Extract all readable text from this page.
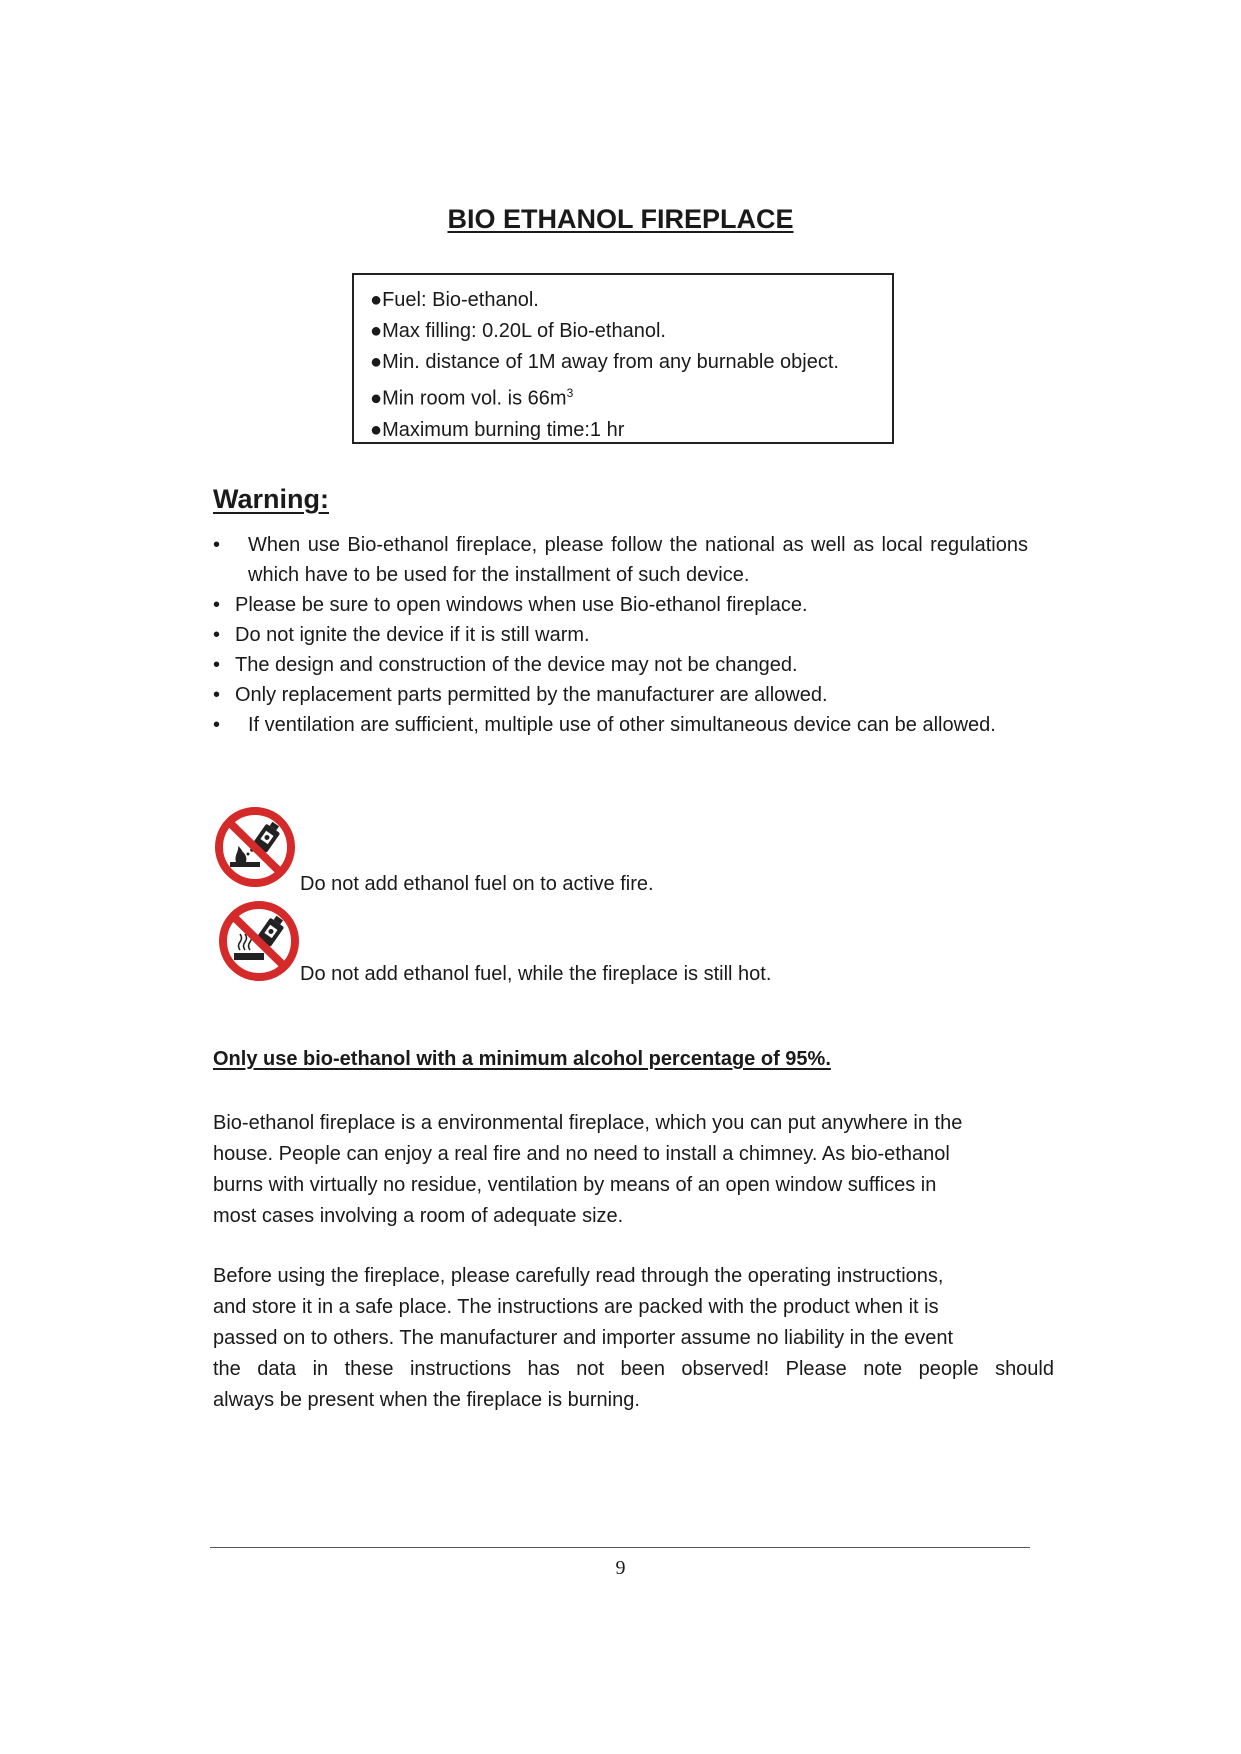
BIO ETHANOL FIREPLACE
●Fuel: Bio-ethanol.
●Max filling: 0.20L of Bio-ethanol.
●Min. distance of 1M away from any burnable object.
●Min room vol. is $66m^3$
●Maximum burning time:1 hr
Warning:
• When use Bio-ethanol fireplace, please follow the national as well as local regulations which have to be used for the installment of such device.
• Please be sure to open windows when use Bio-ethanol fireplace.
• Do not ignite the device if it is still warm.
• The design and construction of the device may not be changed.
• Only replacement parts permitted by the manufacturer are allowed.
• If ventilation are sufficient, multiple use of other simultaneous device can be allowed.
Do not add ethanol fuel on to active fire.
Do not add ethanol fuel, while the fireplace is still hot.
Only use bio-ethanol with a minimum alcohol percentage of 95%.
Bio-ethanol fireplace is a environmental fireplace, which you can put anywhere in the
house. People can enjoy a real fire and no need to install a chimney. As bio-ethanol
burns with virtually no residue, ventilation by means of an open window suffices in
most cases involving a room of adequate size.
Before using the fireplace, please carefully read through the operating instructions,
and store it in a safe place. The instructions are packed with the product when it is
passed on to others. The manufacturer and importer assume no liability in the event
the data in these instructions has not been observed! Please note people should
always be present when the fireplace is burning.
9
